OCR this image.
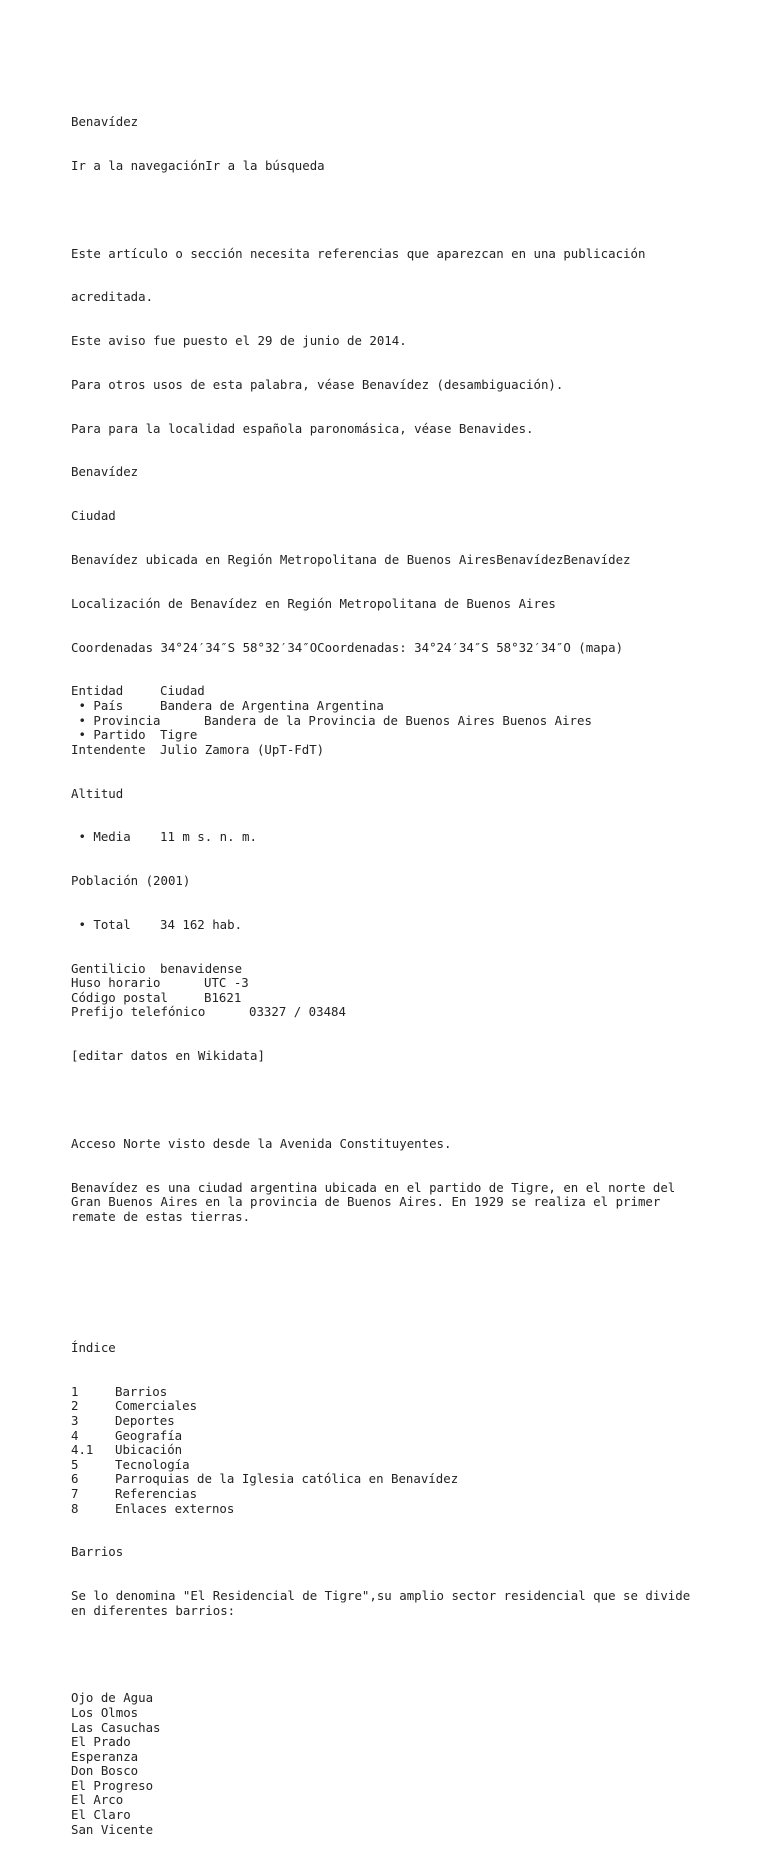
Benavídez

Ir a la navegaciónIr a la búsqueda

Este artículo o sección necesita referencias que aparezcan en una publicación

acreditada.

Este aviso fue puesto el 29 de junio de 2014.

Para otros usos de esta palabra, véase Benavídez (desambiguación).

Para para la localidad española paronomásica, véase Benavides.

Benavídez

Ciudad

Benavídez ubicada en Región Metropolitana de Buenos AiresBenavídezBenavídez

Localización de Benavídez en Región Metropolitana de Buenos Aires

Coordenadas 34°24′34″S 58°32′34″OCoordenadas: 34°24′34″S 58°32′34″O (mapa)

Entidad	Ciudad
• País	Bandera de Argentina Argentina
• Provincia	Bandera de la Provincia de Buenos Aires Buenos Aires
• Partido Tigre
Intendente Julio Zamora (UpT-FdT)

Altitud

• Media 11 m s. n. m.

Población (2001)

• Total 34 162 hab.

Gentilicio benavidense
Huso horario	UTC -3
Código postal	B1621
Prefijo telefónico	03327 / 03484

[editar datos en Wikidata]

Acceso Norte visto desde la Avenida Constituyentes.

Benavídez es una ciudad argentina ubicada en el partido de Tigre, en el norte del
Gran Buenos Aires en la provincia de Buenos Aires. En 1929 se realiza el primer
remate de estas tierras.

Índice

1	Barrios
2	Comerciales
3	Deportes
4	Geografía
4.1 Ubicación
5	Tecnología
6	Parroquias de la Iglesia católica en Benavídez
7	Referencias
8	Enlaces externos

Barrios

Se lo denomina "El Residencial de Tigre",su amplio sector residencial que se divide
en diferentes barrios:

Ojo de Agua
Los Olmos
Las Casuchas
El Prado
Esperanza
Don Bosco
El Progreso
El Arco
El Claro
San Vicente
